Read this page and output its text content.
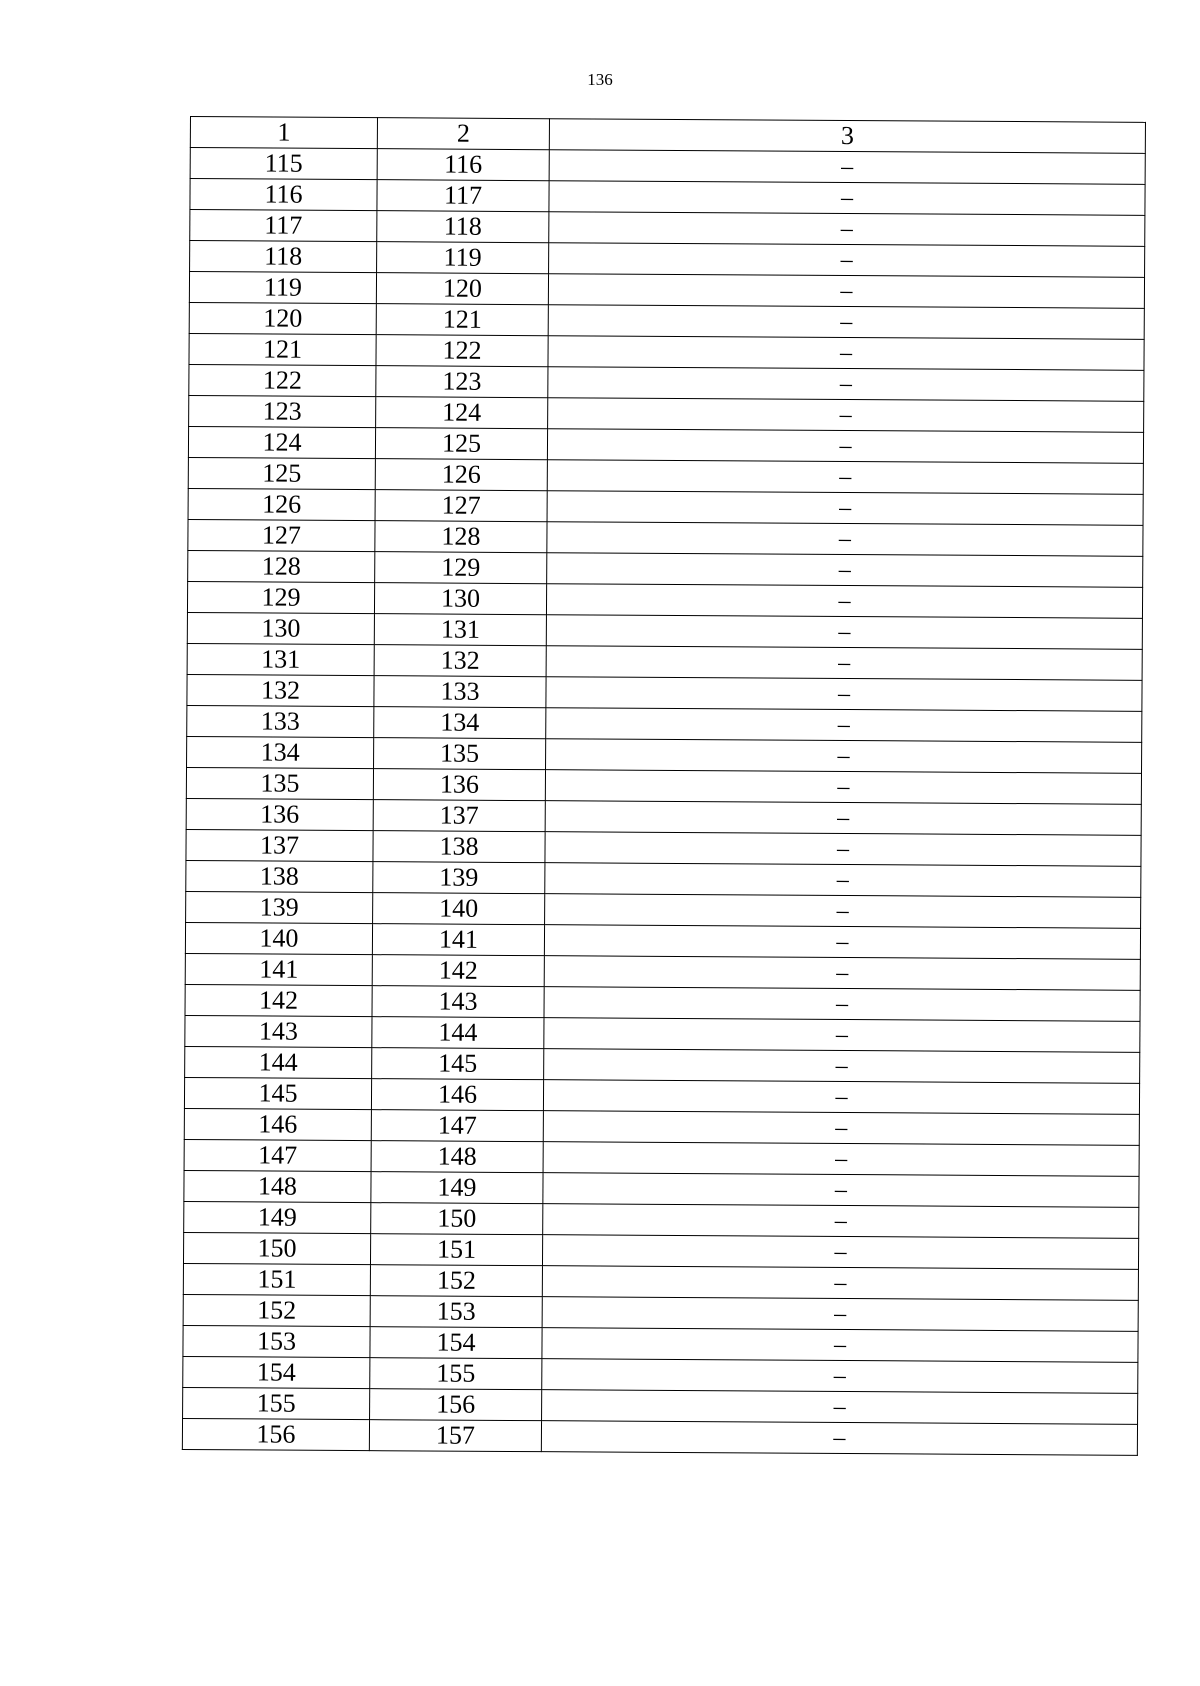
136
1	2	3
115	116	–
116	117	–
117	118	–
118	119	–
119	120	–
120	121	–
121	122	–
122	123	–
123	124	–
124	125	–
125	126	–
126	127	–
127	128	–
128	129	–
129	130	–
130	131	–
131	132	–
132	133	–
133	134	–
134	135	–
135	136	–
136	137	–
137	138	–
138	139	–
139	140	–
140	141	–
141	142	–
142	143	–
143	144	–
144	145	–
145	146	–
146	147	–
147	148	–
148	149	–
149	150	–
150	151	–
151	152	–
152	153	–
153	154	–
154	155	–
155	156	–
156	157	–
